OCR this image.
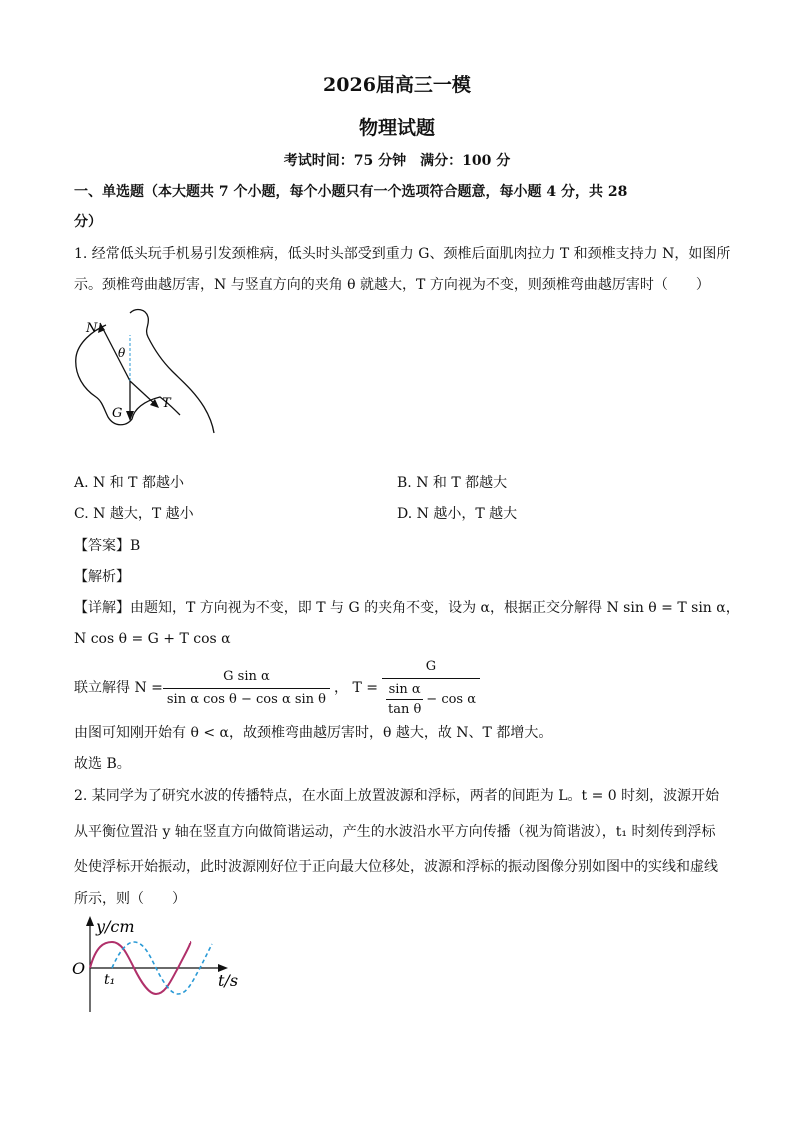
2026届高三一模
物理试题
考试时间：75 分钟　满分：100 分
一、单选题（本大题共 7 个小题，每个小题只有一个选项符合题意，每小题 4 分，共 28
分）
1. 经常低头玩手机易引发颈椎病，低头时头部受到重力 G、颈椎后面肌肉拉力 T 和颈椎支持力 N，如图所
示。颈椎弯曲越厉害，N 与竖直方向的夹角 θ 就越大，T 方向视为不变，则颈椎弯曲越厉害时（　　）
N
θ
G
T
A. N 和 T 都越小	B. N 和 T 都越大
C. N 越大，T 越小	D. N 越小，T 越大
【答案】B
【解析】
【详解】由题知，T 方向视为不变，即 T 与 G 的夹角不变，设为 α，根据正交分解得 N sin θ = T sin α，
N cos θ = G + T cos α
联立解得 $N = \frac{\text{G sin α}}{\text{sin α cos θ − cos α sin θ}}$ ， $T = \frac{G}{\frac{\text{sin α}}{\text{tan θ}} - \cos \alpha}$
由图可知刚开始有 θ < α，故颈椎弯曲越厉害时，θ 越大，故 N、T 都增大。
故选 B。
2. 某同学为了研究水波的传播特点，在水面上放置波源和浮标，两者的间距为 L。t = 0 时刻，波源开始
从平衡位置沿 y 轴在竖直方向做简谐运动，产生的水波沿水平方向传播（视为简谐波），t₁ 时刻传到浮标
处使浮标开始振动，此时波源刚好位于正向最大位移处，波源和浮标的振动图像分别如图中的实线和虚线
所示，则（　　）
y/cm
O
t₁	t/s
